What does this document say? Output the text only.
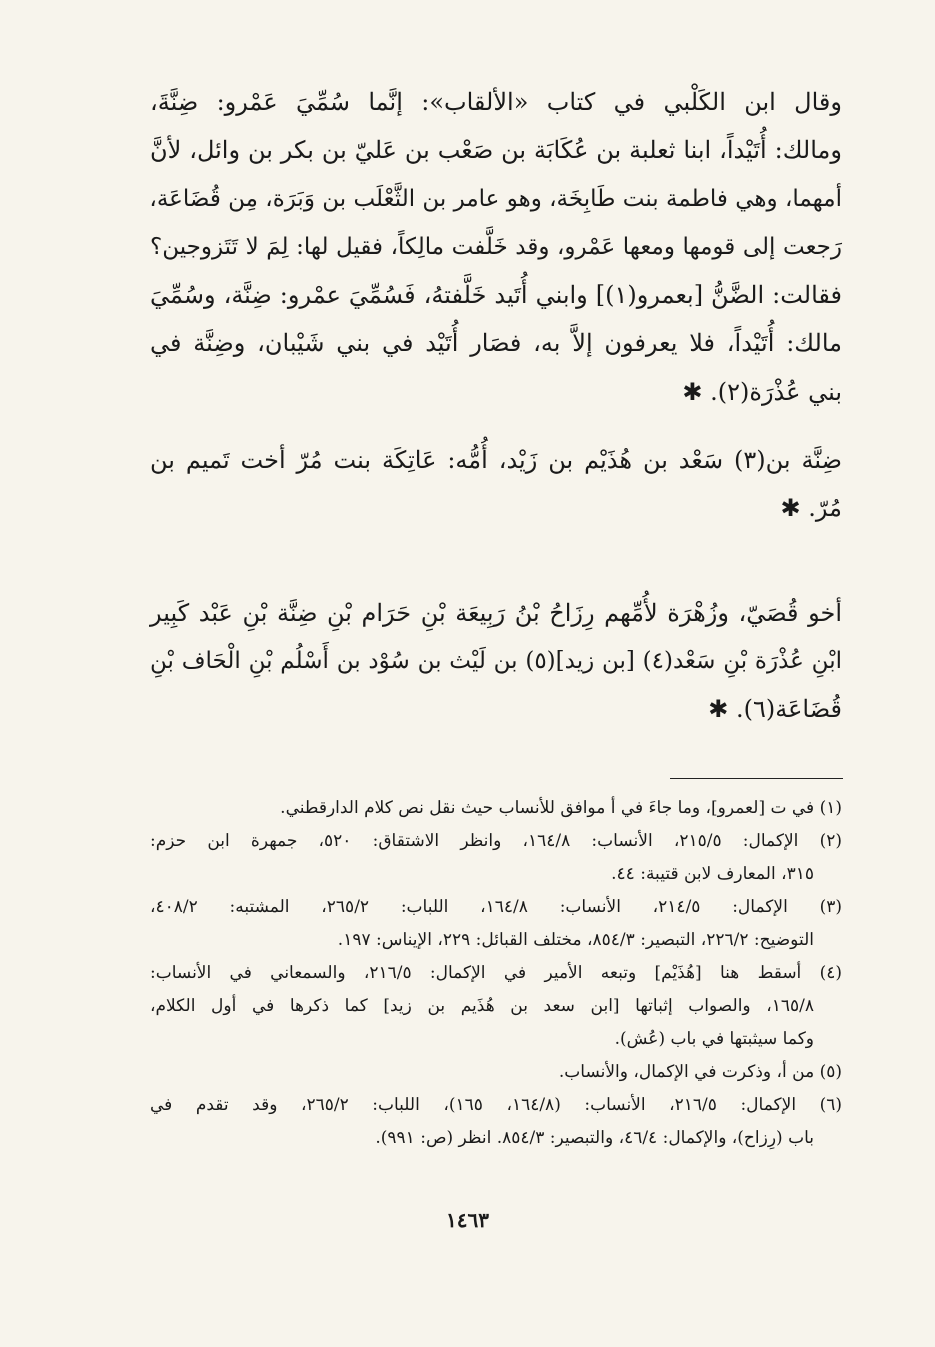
وقال ابن الكَلْبي في كتاب «الألقاب»: إنَّما سُمِّيَ عَمْرو: ضِنَّةَ،
ومالك: أُتَيْداً، ابنا ثعلبة بن عُكَابَة بن صَعْب بن عَليّ بن بكر بن وائل، لأنَّ
أمهما، وهي فاطمة بنت طَابِخَة، وهو عامر بن الثَّعْلَب بن وَبَرَة، مِن قُضَاعَة،
رَجعت إلى قومها ومعها عَمْرو، وقد خَلَّفت مالِكاً، فقيل لها: لِمَ لا تَتَزوجين؟
فقالت: الضَّنُّ [بعمرو(١)] وابني أُتَيد خَلَّفتهُ، فَسُمِّيَ عمْرو: ضِنَّة، وسُمِّيَ
مالك: أُتَيْداً، فلا يعرفون إلاَّ به، فصَار أُتَيْد في بني شَيْبان، وضِنَّة في
بني عُذْرَة(٢). ✱

ضِنَّة بن(٣) سَعْد بن هُذَيْم بن زَيْد، أُمُّه: عَاتِكَة بنت مُرّ أخت تَميم بن
مُرّ. ✱

أخو قُصَيّ، وزُهْرَة لأُمِّهم رِزَاحُ بْنُ رَبِيعَة بْنِ حَرَام بْنِ ضِنَّة بْنِ عَبْد كَبِير
ابْنِ عُذْرَة بْنِ سَعْد(٤) [بن زيد](٥) بن لَيْث بن سُوْد بن أَسْلُم بْنِ الْحَاف بْنِ
قُضَاعَة(٦). ✱

(١) في ت [لعمرو]، وما جاءَ في أ موافق للأنساب حيث نقل نص كلام الدارقطني.

(٢) الإكمال: ٢١٥/٥، الأنساب: ١٦٤/٨، وانظر الاشتقاق: ٥٢٠، جمهرة ابن حزم:
٣١٥، المعارف لابن قتيبة: ٤٤.

(٣) الإكمال: ٢١٤/٥، الأنساب: ١٦٤/٨، اللباب: ٢٦٥/٢، المشتبه: ٤٠٨/٢،
التوضيح: ٢٢٦/٢، التبصير: ٨٥٤/٣، مختلف القبائل: ٢٢٩، الإيناس: ١٩٧.

(٤) أسقط هنا [هُذَيْم] وتبعه الأمير في الإكمال: ٢١٦/٥، والسمعاني في الأنساب:
١٦٥/٨، والصواب إثباتها [ابن سعد بن هُذَيم بن زيد] كما ذكرها في أول الكلام،
وكما سيثبتها في باب (عُش).

(٥) من أ، وذكرت في الإكمال، والأنساب.

(٦) الإكمال: ٢١٦/٥، الأنساب: (١٦٤/٨، ١٦٥)، اللباب: ٢٦٥/٢، وقد تقدم في
باب (رِزاح)، والإكمال: ٤٦/٤، والتبصير: ٨٥٤/٣. انظر (ص: ٩٩١).

١٤٦٣
